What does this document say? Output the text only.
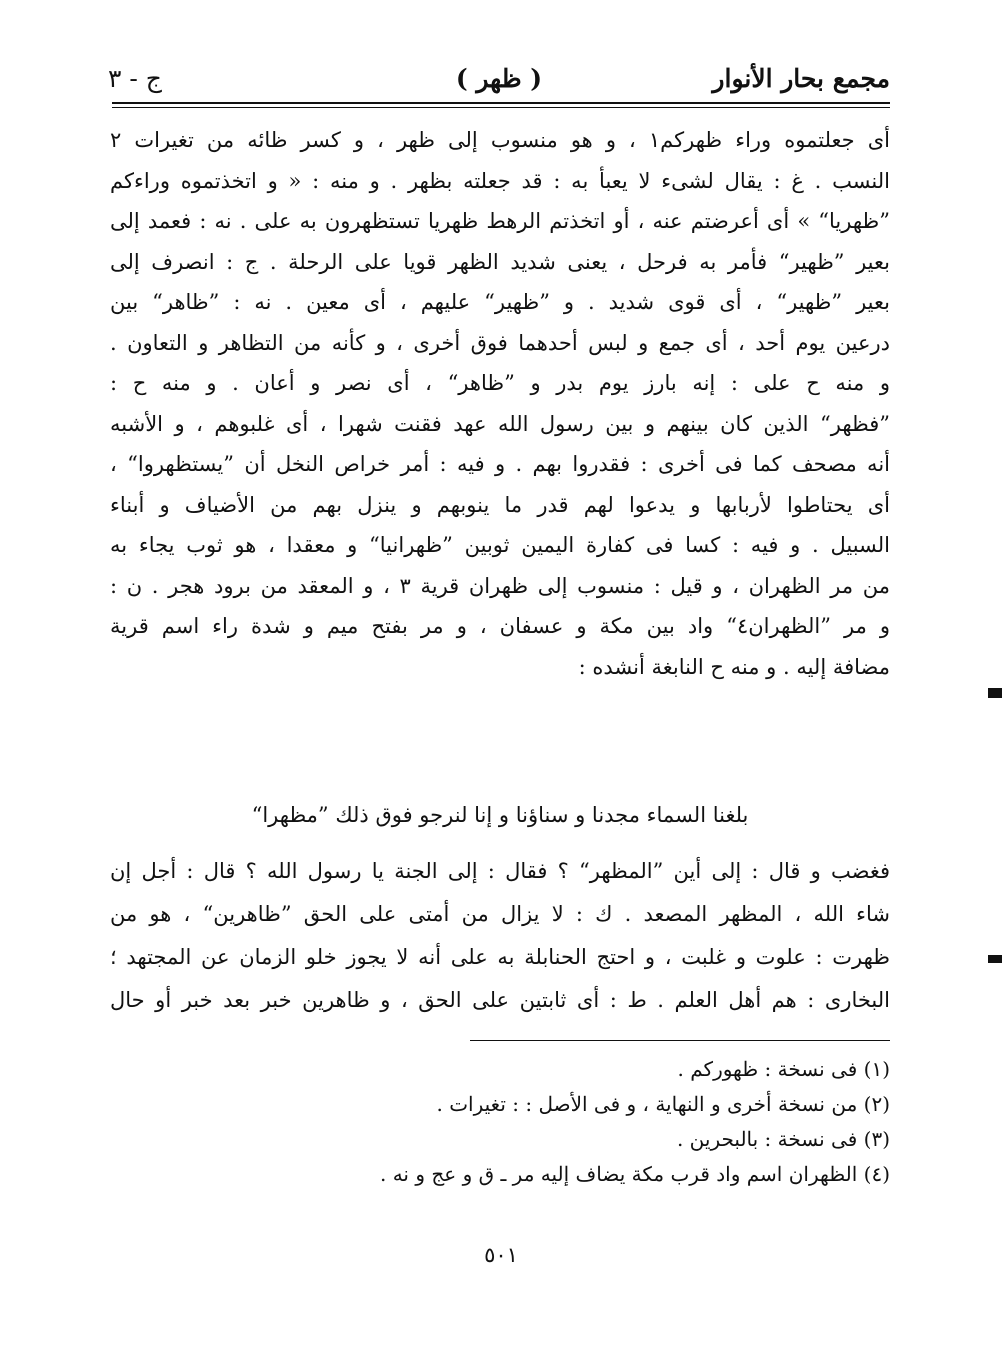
مجمع بحار الأنوار
( ظهر )
ج - ٣
أى جعلتموه وراء ظهركم١ ، و هو منسوب إلى ظهر ، و كسر ظائه من تغيرات ٢
النسب . غ : يقال لشىء لا يعبأ به : قد جعلته بظهر . و منه : « و اتخذتموه وراءكم
”ظهريا“ » أى أعرضتم عنه ، أو اتخذتم الرهط ظهريا تستظهرون به على . نه : فعمد إلى
بعير ”ظهير“ فأمر به فرحل ، يعنى شديد الظهر قويا على الرحلة . ج : انصرف إلى
بعير ”ظهير“ ، أى قوى شديد . و ”ظهير“ عليهم ، أى معين . نه : ”ظاهر“ بين
درعين يوم أحد ، أى جمع و لبس أحدهما فوق أخرى ، و كأنه من التظاهر و التعاون .
و منه ح على : إنه بارز يوم بدر و ”ظاهر“ ، أى نصر و أعان . و منه ح :
”فظهر“ الذين كان بينهم و بين رسول الله عهد فقنت شهرا ، أى غلبوهم ، و الأشبه
أنه مصحف كما فى أخرى : فقدروا بهم . و فيه : أمر خراص النخل أن ”يستظهروا“ ،
أى يحتاطوا لأربابها و يدعوا لهم قدر ما ينوبهم و ينزل بهم من الأضياف و أبناء
السبيل . و فيه : كسا فى كفارة اليمين ثوبين ”ظهرانيا“ و معقدا ، هو ثوب يجاء به
من مر الظهران ، و قيل : منسوب إلى ظهران قرية ٣ ، و المعقد من برود هجر . ن :
و مر ”الظهران٤“ واد بين مكة و عسفان ، و مر بفتح ميم و شدة راء اسم قرية
مضافة إليه . و منه ح النابغة أنشده :
بلغنا السماء مجدنا و سناؤنا و إنا لنرجو فوق ذلك ”مظهرا“
فغضب و قال : إلى أين ”المظهر“ ؟ فقال : إلى الجنة يا رسول الله ؟ قال : أجل إن
شاء الله ، المظهر المصعد . ك : لا يزال من أمتى على الحق ”ظاهرين“ ، هو من
ظهرت : علوت و غلبت ، و احتج الحنابلة به على أنه لا يجوز خلو الزمان عن المجتهد ؛
البخارى : هم أهل العلم . ط : أى ثابتين على الحق ، و ظاهرين خبر بعد خبر أو حال
(١) فى نسخة : ظهوركم .
(٢) من نسخة أخرى و النهاية ، و فى الأصل : : تغيرات .
(٣) فى نسخة : بالبحرين .
(٤) الظهران اسم واد قرب مكة يضاف إليه مر ـ ق و عج و نه .
٥٠١
